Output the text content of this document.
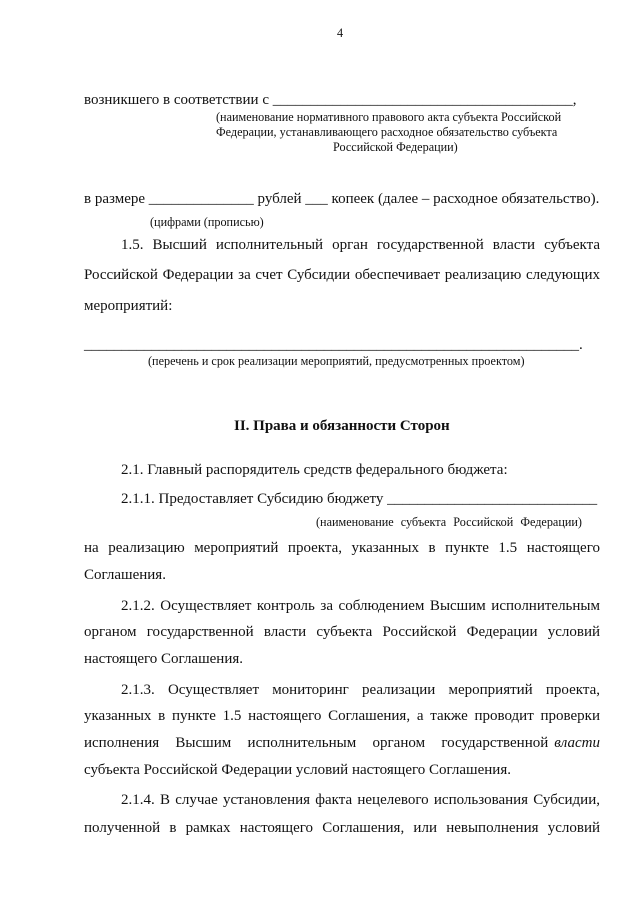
4
возникшего в соответствии с ________________________________________,
(наименование нормативного правового акта субъекта Российской
Федерации, устанавливающего расходное обязательство субъекта
Российской Федерации)
в размере ______________ рублей ___ копеек (далее – расходное обязательство).
(цифрами (прописью)
1.5. Высший исполнительный орган государственной власти субъекта
Российской Федерации за счет Субсидии обеспечивает реализацию следующих
мероприятий:
__________________________________________________________________.
(перечень и срок реализации мероприятий, предусмотренных проектом)
II. Права и обязанности Сторон
2.1. Главный распорядитель средств федерального бюджета:
2.1.1. Предоставляет Субсидию бюджету ____________________________
(наименование субъекта Российской Федерации)
на реализацию мероприятий проекта, указанных в пункте 1.5 настоящего
Соглашения.
2.1.2. Осуществляет контроль за соблюдением Высшим исполнительным
органом государственной власти субъекта Российской Федерации условий
настоящего Соглашения.
2.1.3. Осуществляет мониторинг реализации мероприятий проекта,
указанных в пункте 1.5 настоящего Соглашения, а также проводит проверки
исполнения Высшим исполнительным органом государственной власти
субъекта Российской Федерации условий настоящего Соглашения.
2.1.4. В случае установления факта нецелевого использования Субсидии,
полученной в рамках настоящего Соглашения, или невыполнения условий
